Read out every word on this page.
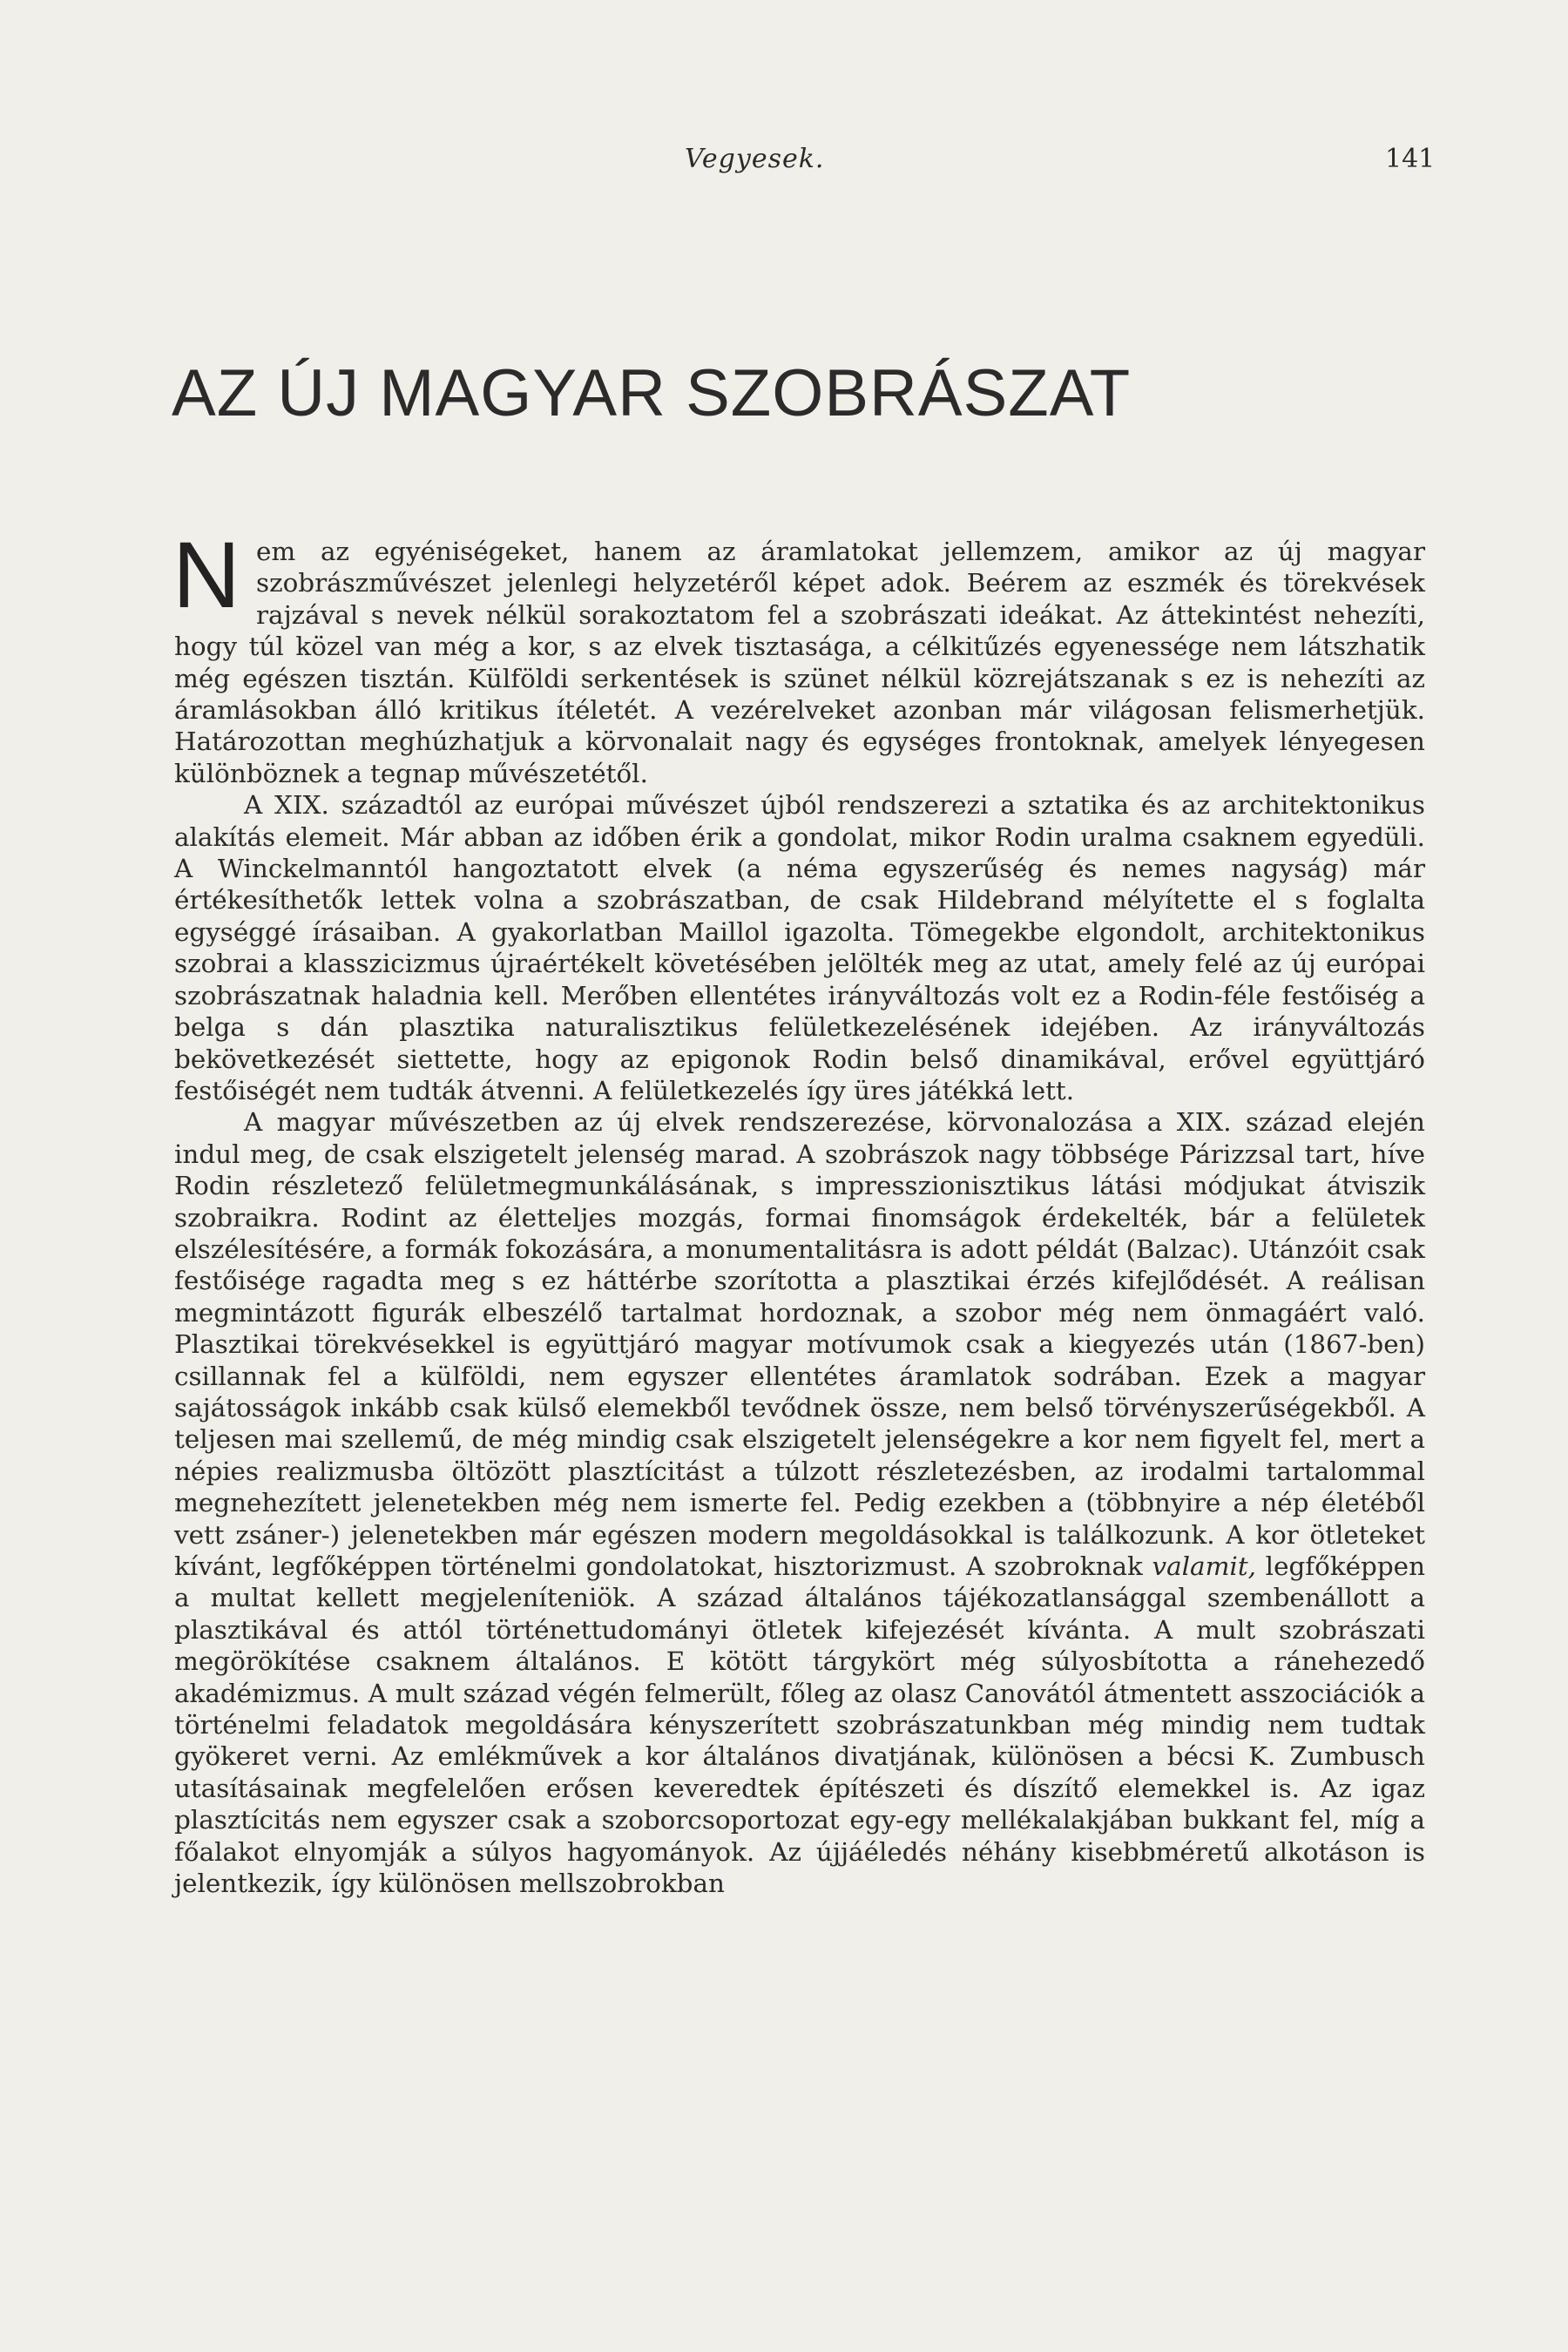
Vegyesek.	141
AZ ÚJ MAGYAR SZOBRÁSZAT

Nem az egyéniségeket, hanem az áramlatokat jellemzem, amikor az új magyar szobrászművészet jelenlegi helyzetéről képet adok. Beérem az eszmék és törekvések rajzával s nevek nélkül sorakoztatom fel a szobrászati ideákat. Az áttekintést nehezíti, hogy túl közel van még a kor, s az elvek tisztasága, a célkitűzés egyenessége nem látszhatik még egészen tisztán. Külföldi serkentések is szünet nélkül közrejátszanak s ez is nehezíti az áramlásokban álló kritikus ítéletét. A vezérelveket azonban már világosan felismerhetjük. Határozottan meghúzhatjuk a körvonalait nagy és egységes frontoknak, amelyek lényegesen különböznek a tegnap művészetétől.

A XIX. századtól az európai művészet újból rendszerezi a sztatika és az architektonikus alakítás elemeit. Már abban az időben érik a gondolat, mikor Rodin uralma csaknem egyedüli. A Winckelmanntól hangoztatott elvek (a néma egyszerűség és nemes nagyság) már értékesíthetők lettek volna a szobrászatban, de csak Hildebrand mélyítette el s foglalta egységgé írásaiban. A gyakorlatban Maillol igazolta. Tömegekbe elgondolt, architektonikus szobrai a klasszicizmus újraértékelt követésében jelölték meg az utat, amely felé az új európai szobrászatnak haladnia kell. Merőben ellentétes irányváltozás volt ez a Rodin-féle festőiség a belga s dán plasztika naturalisztikus felületkezelésének idejében. Az irányváltozás bekövetkezését siettette, hogy az epigonok Rodin belső dinamikával, erővel együttjáró festőiségét nem tudták átvenni. A felületkezelés így üres játékká lett.

A magyar művészetben az új elvek rendszerezése, körvonalozása a XIX. század elején indul meg, de csak elszigetelt jelenség marad. A szobrászok nagy többsége Párizzsal tart, híve Rodin részletező felületmegmunkálásának, s impresszionisztikus látási módjukat átviszik szobraikra. Rodint az életteljes mozgás, formai finomságok érdekelték, bár a felületek elszélesítésére, a formák fokozására, a monumentalitásra is adott példát (Balzac). Utánzóit csak festőisége ragadta meg s ez háttérbe szorította a plasztikai érzés kifejlődését. A reálisan megmintázott figurák elbeszélő tartalmat hordoznak, a szobor még nem önmagáért való. Plasztikai törekvésekkel is együttjáró magyar motívumok csak a kiegyezés után (1867-ben) csillannak fel a külföldi, nem egyszer ellentétes áramlatok sodrában. Ezek a magyar sajátosságok inkább csak külső elemekből tevődnek össze, nem belső törvényszerűségekből. A teljesen mai szellemű, de még mindig csak elszigetelt jelenségekre a kor nem figyelt fel, mert a népies realizmusba öltözött plasztícitást a túlzott részletezésben, az irodalmi tartalommal megnehezített jelenetekben még nem ismerte fel. Pedig ezekben a (többnyire a nép életéből vett zsáner-) jelenetekben már egészen modern megoldásokkal is találkozunk. A kor ötleteket kívánt, legfőképpen történelmi gondolatokat, hisztorizmust. A szobroknak valamit, legfőképpen a multat kellett megjeleníteniök. A század általános tájékozatlansággal szembenállott a plasztikával és attól történettudományi ötletek kifejezését kívánta. A mult szobrászati megörökítése csaknem általános. E kötött tárgykört még súlyosbította a ránehezedő akadémizmus. A mult század végén felmerült, főleg az olasz Canovától átmentett asszociációk a történelmi feladatok megoldására kényszerített szobrászatunkban még mindig nem tudtak gyökeret verni. Az emlékművek a kor általános divatjának, különösen a bécsi K. Zumbusch utasításainak megfelelően erősen keveredtek építészeti és díszítő elemekkel is. Az igaz plasztícitás nem egyszer csak a szoborcsoportozat egy-egy mellékalakjában bukkant fel, míg a főalakot elnyomják a súlyos hagyományok. Az újjáéledés néhány kisebbméretű alkotáson is jelentkezik, így különösen mellszobrokban
